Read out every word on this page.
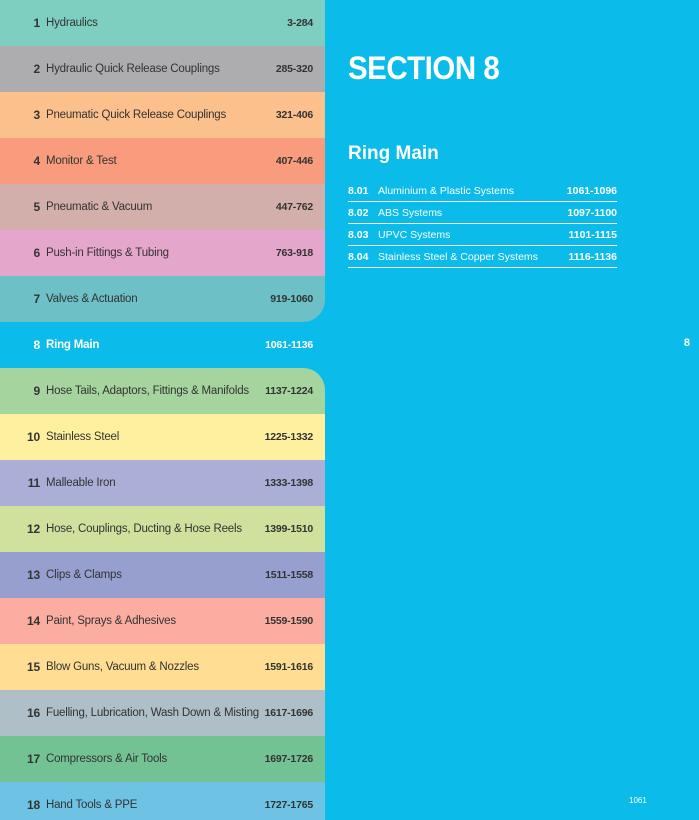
1 Hydraulics	3-284
2 Hydraulic Quick Release Couplings	285-320
3 Pneumatic Quick Release Couplings	321-406
4 Monitor & Test	407-446
5 Pneumatic & Vacuum	447-762
6 Push-in Fittings & Tubing	763-918
7 Valves & Actuation	919-1060
8 Ring Main	1061-1136
9 Hose Tails, Adaptors, Fittings & Manifolds	1137-1224
10 Stainless Steel	1225-1332
11 Malleable Iron	1333-1398
12 Hose, Couplings, Ducting & Hose Reels	1399-1510
13 Clips & Clamps	1511-1558
14 Paint, Sprays & Adhesives	1559-1590
15 Blow Guns, Vacuum & Nozzles	1591-1616
16 Fuelling, Lubrication, Wash Down & Misting 1617-1696
17 Compressors & Air Tools	1697-1726
18 Hand Tools & PPE	1727-1765
SECTION 8
Ring Main
8.01 Aluminium & Plastic Systems	1061-1096
8.02 ABS Systems	1097-1100
8.03 UPVC Systems	1101-1115
8.04 Stainless Steel & Copper Systems	1116-1136
8
1061
